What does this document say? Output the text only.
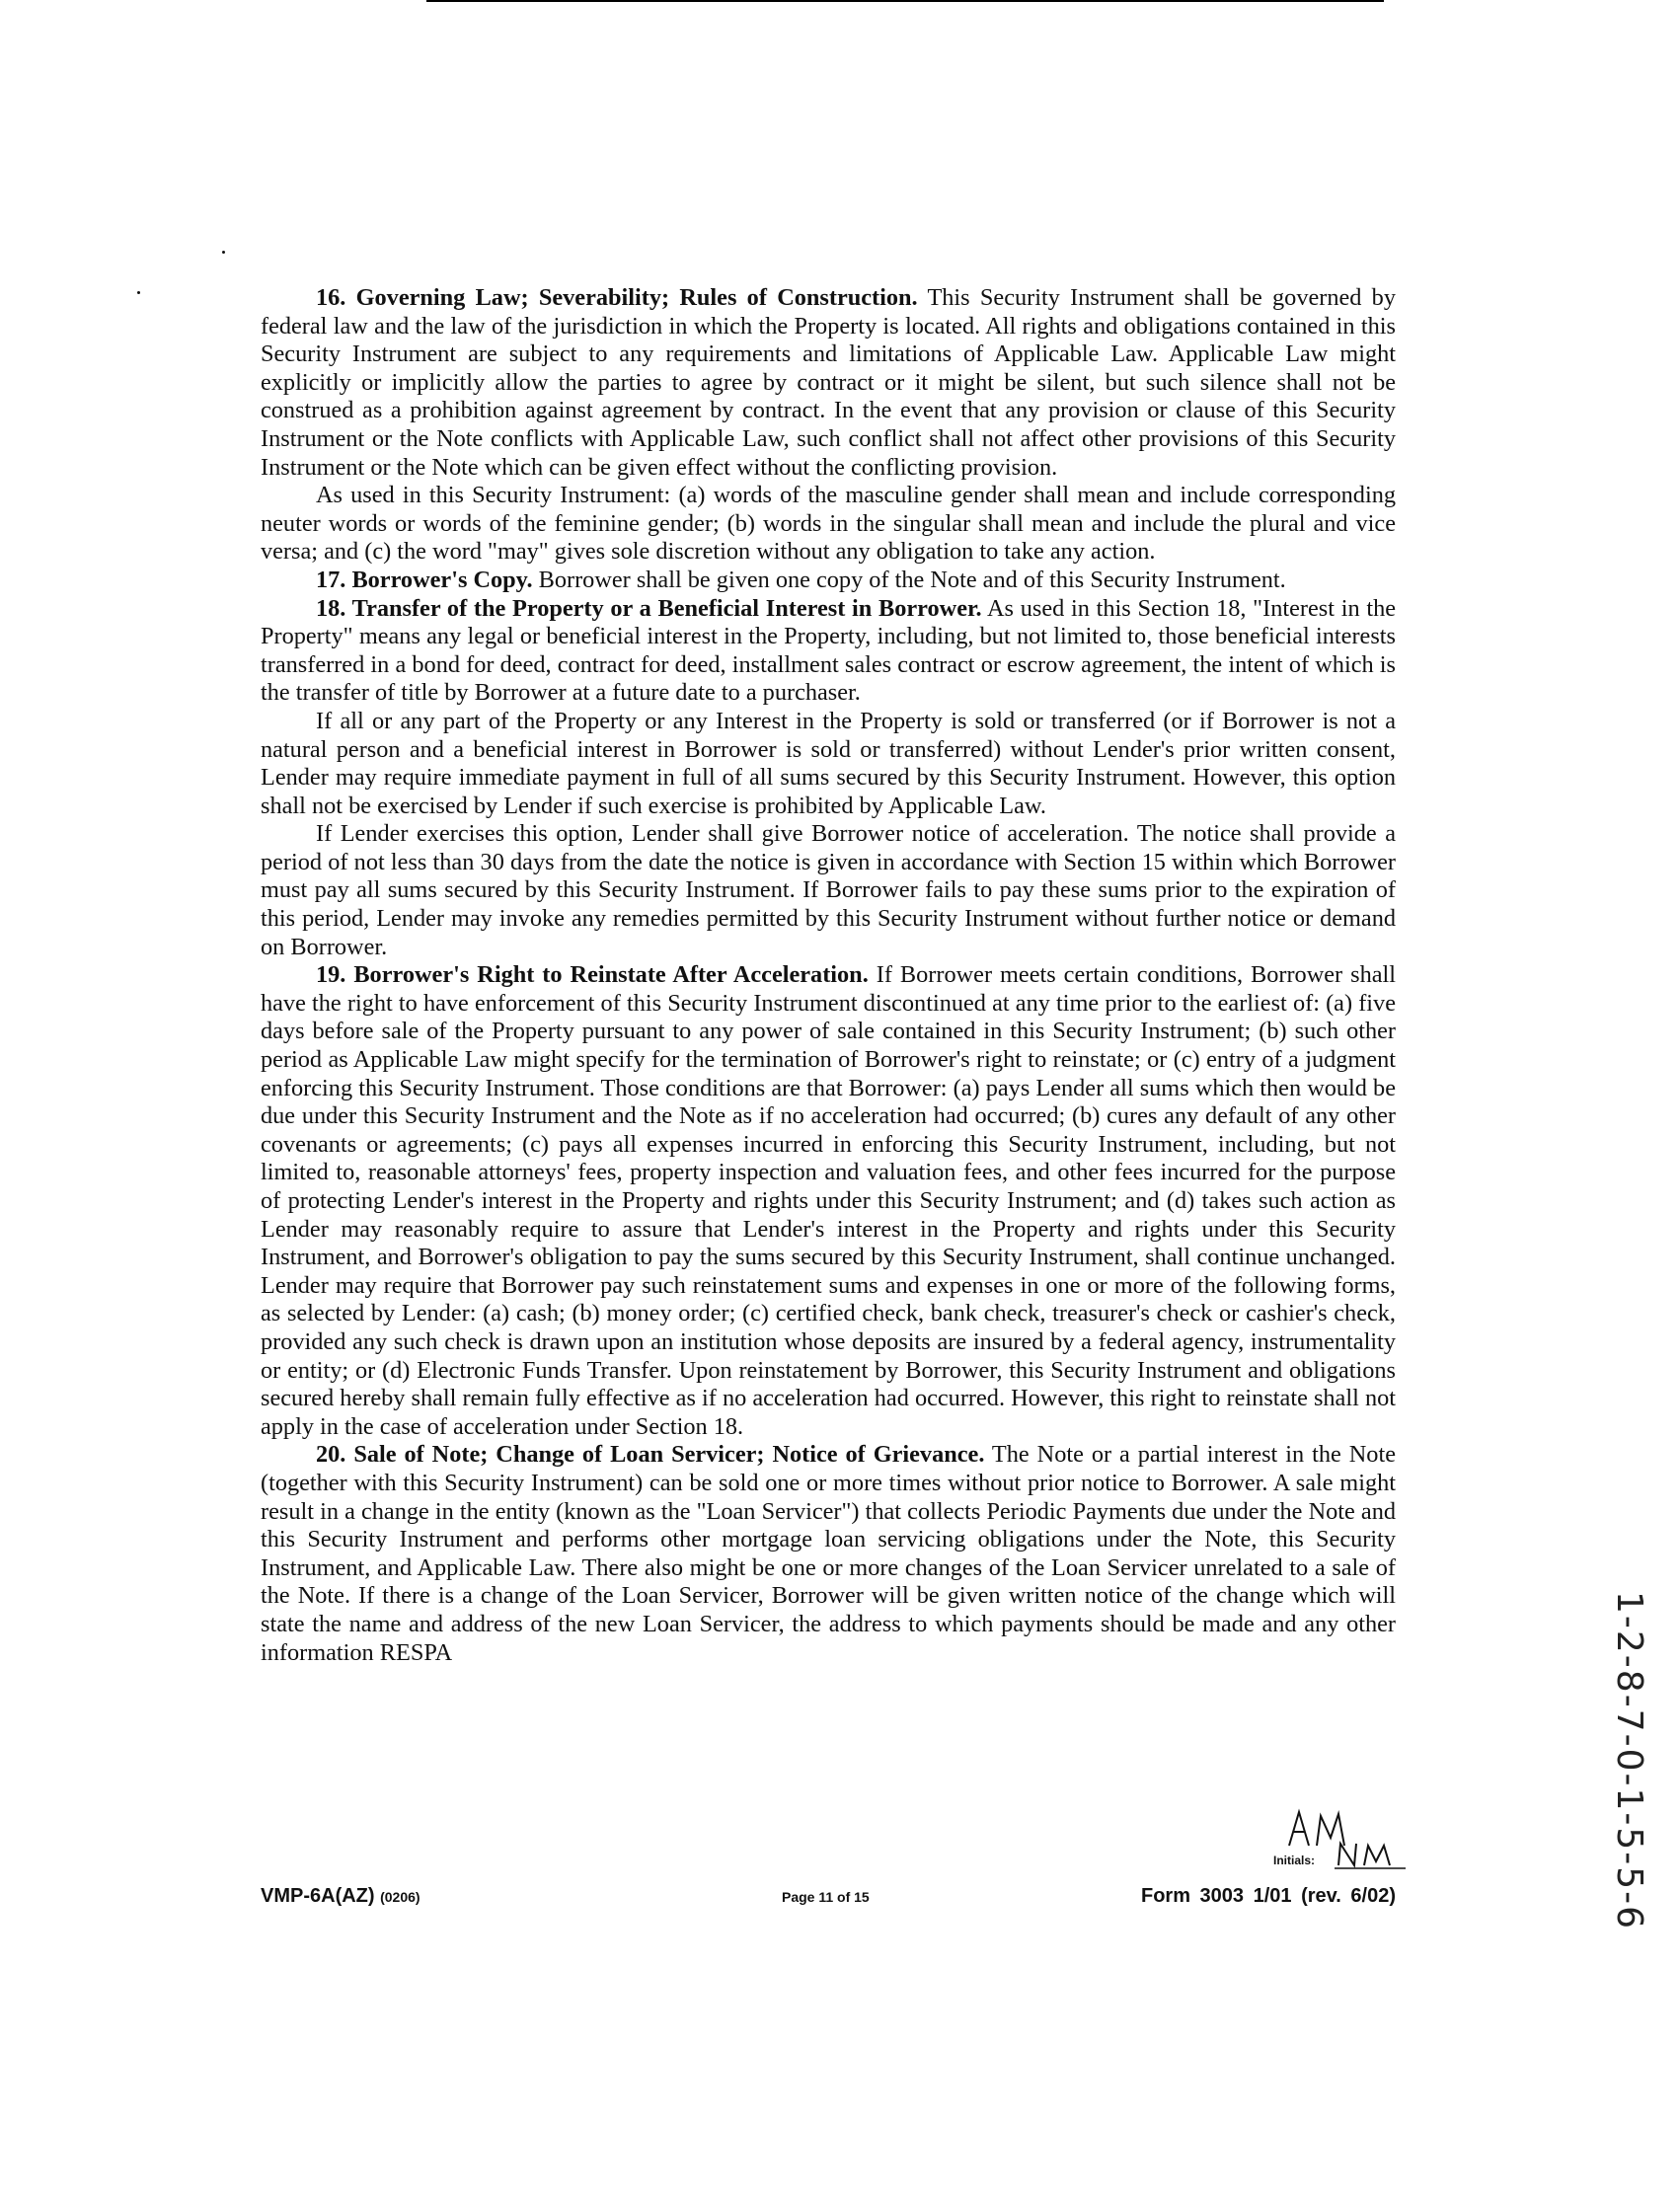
16. Governing Law; Severability; Rules of Construction. This Security Instrument shall be governed by federal law and the law of the jurisdiction in which the Property is located. All rights and obligations contained in this Security Instrument are subject to any requirements and limitations of Applicable Law. Applicable Law might explicitly or implicitly allow the parties to agree by contract or it might be silent, but such silence shall not be construed as a prohibition against agreement by contract. In the event that any provision or clause of this Security Instrument or the Note conflicts with Applicable Law, such conflict shall not affect other provisions of this Security Instrument or the Note which can be given effect without the conflicting provision.

As used in this Security Instrument: (a) words of the masculine gender shall mean and include corresponding neuter words or words of the feminine gender; (b) words in the singular shall mean and include the plural and vice versa; and (c) the word "may" gives sole discretion without any obligation to take any action.

17. Borrower's Copy. Borrower shall be given one copy of the Note and of this Security Instrument.

18. Transfer of the Property or a Beneficial Interest in Borrower. As used in this Section 18, "Interest in the Property" means any legal or beneficial interest in the Property, including, but not limited to, those beneficial interests transferred in a bond for deed, contract for deed, installment sales contract or escrow agreement, the intent of which is the transfer of title by Borrower at a future date to a purchaser.

If all or any part of the Property or any Interest in the Property is sold or transferred (or if Borrower is not a natural person and a beneficial interest in Borrower is sold or transferred) without Lender's prior written consent, Lender may require immediate payment in full of all sums secured by this Security Instrument. However, this option shall not be exercised by Lender if such exercise is prohibited by Applicable Law.

If Lender exercises this option, Lender shall give Borrower notice of acceleration. The notice shall provide a period of not less than 30 days from the date the notice is given in accordance with Section 15 within which Borrower must pay all sums secured by this Security Instrument. If Borrower fails to pay these sums prior to the expiration of this period, Lender may invoke any remedies permitted by this Security Instrument without further notice or demand on Borrower.

19. Borrower's Right to Reinstate After Acceleration. If Borrower meets certain conditions, Borrower shall have the right to have enforcement of this Security Instrument discontinued at any time prior to the earliest of: (a) five days before sale of the Property pursuant to any power of sale contained in this Security Instrument; (b) such other period as Applicable Law might specify for the termination of Borrower's right to reinstate; or (c) entry of a judgment enforcing this Security Instrument. Those conditions are that Borrower: (a) pays Lender all sums which then would be due under this Security Instrument and the Note as if no acceleration had occurred; (b) cures any default of any other covenants or agreements; (c) pays all expenses incurred in enforcing this Security Instrument, including, but not limited to, reasonable attorneys' fees, property inspection and valuation fees, and other fees incurred for the purpose of protecting Lender's interest in the Property and rights under this Security Instrument; and (d) takes such action as Lender may reasonably require to assure that Lender's interest in the Property and rights under this Security Instrument, and Borrower's obligation to pay the sums secured by this Security Instrument, shall continue unchanged. Lender may require that Borrower pay such reinstatement sums and expenses in one or more of the following forms, as selected by Lender: (a) cash; (b) money order; (c) certified check, bank check, treasurer's check or cashier's check, provided any such check is drawn upon an institution whose deposits are insured by a federal agency, instrumentality or entity; or (d) Electronic Funds Transfer. Upon reinstatement by Borrower, this Security Instrument and obligations secured hereby shall remain fully effective as if no acceleration had occurred. However, this right to reinstate shall not apply in the case of acceleration under Section 18.

20. Sale of Note; Change of Loan Servicer; Notice of Grievance. The Note or a partial interest in the Note (together with this Security Instrument) can be sold one or more times without prior notice to Borrower. A sale might result in a change in the entity (known as the "Loan Servicer") that collects Periodic Payments due under the Note and this Security Instrument and performs other mortgage loan servicing obligations under the Note, this Security Instrument, and Applicable Law. There also might be one or more changes of the Loan Servicer unrelated to a sale of the Note. If there is a change of the Loan Servicer, Borrower will be given written notice of the change which will state the name and address of the new Loan Servicer, the address to which payments should be made and any other information RESPA

Initials:
VMP-6A(AZ) (0206)	Page 11 of 15	Form 3003 1/01 (rev. 6/02)	1-2-8-7-0-1-5-5-6
